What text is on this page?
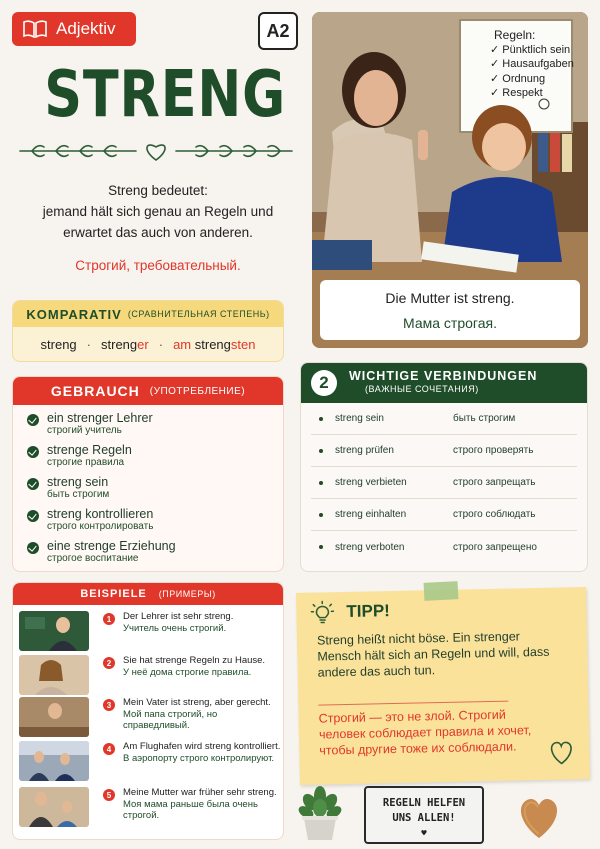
Adjektiv	A2
STRENG
Streng bedeutet:
jemand hält sich genau an Regeln und
erwartet das auch von anderen.
Строгий, требовательный.
Regeln:
✓ Pünktlich sein
✓ Hausaufgaben
✓ Ordnung
✓ Respekt
Die Mutter ist streng.
Мама строгая.
KOMPARATIV (СРАВНИТЕЛЬНАЯ СТЕПЕНЬ)
streng · strenger · am strengsten
GEBRAUCH (УПОТРЕБЛЕНИЕ)
ein strenger Lehrer
строгий учитель
strenge Regeln
строгие правила
streng sein
быть строгим
streng kontrollieren
строго контролировать
eine strenge Erziehung
строгое воспитание
2	WICHTIGE VERBINDUNGEN
(ВАЖНЫЕ СОЧЕТАНИЯ)
streng sein	быть строгим
streng prüfen	строго проверять
streng verbieten	строго запрещать
streng einhalten	строго соблюдать
streng verboten	строго запрещено
BEISPIELE (ПРИМЕРЫ)
1	Der Lehrer ist sehr streng.
Учитель очень строгий.
2	Sie hat strenge Regeln zu Hause.
У неё дома строгие правила.
3	Mein Vater ist streng, aber gerecht.
Мой папа строгий, но справедливый.
4	Am Flughafen wird streng kontrolliert.
В аэропорту строго контролируют.
5	Meine Mutter war früher sehr streng.
Моя мама раньше была очень строгой.
TIPP!
Streng heißt nicht böse. Ein strenger Mensch hält sich an Regeln und will, dass andere das auch tun.
Строгий — это не злой. Строгий человек соблюдает правила и хочет, чтобы другие тоже их соблюдали.
REGELN HELFEN
UNS ALLEN!
♥
